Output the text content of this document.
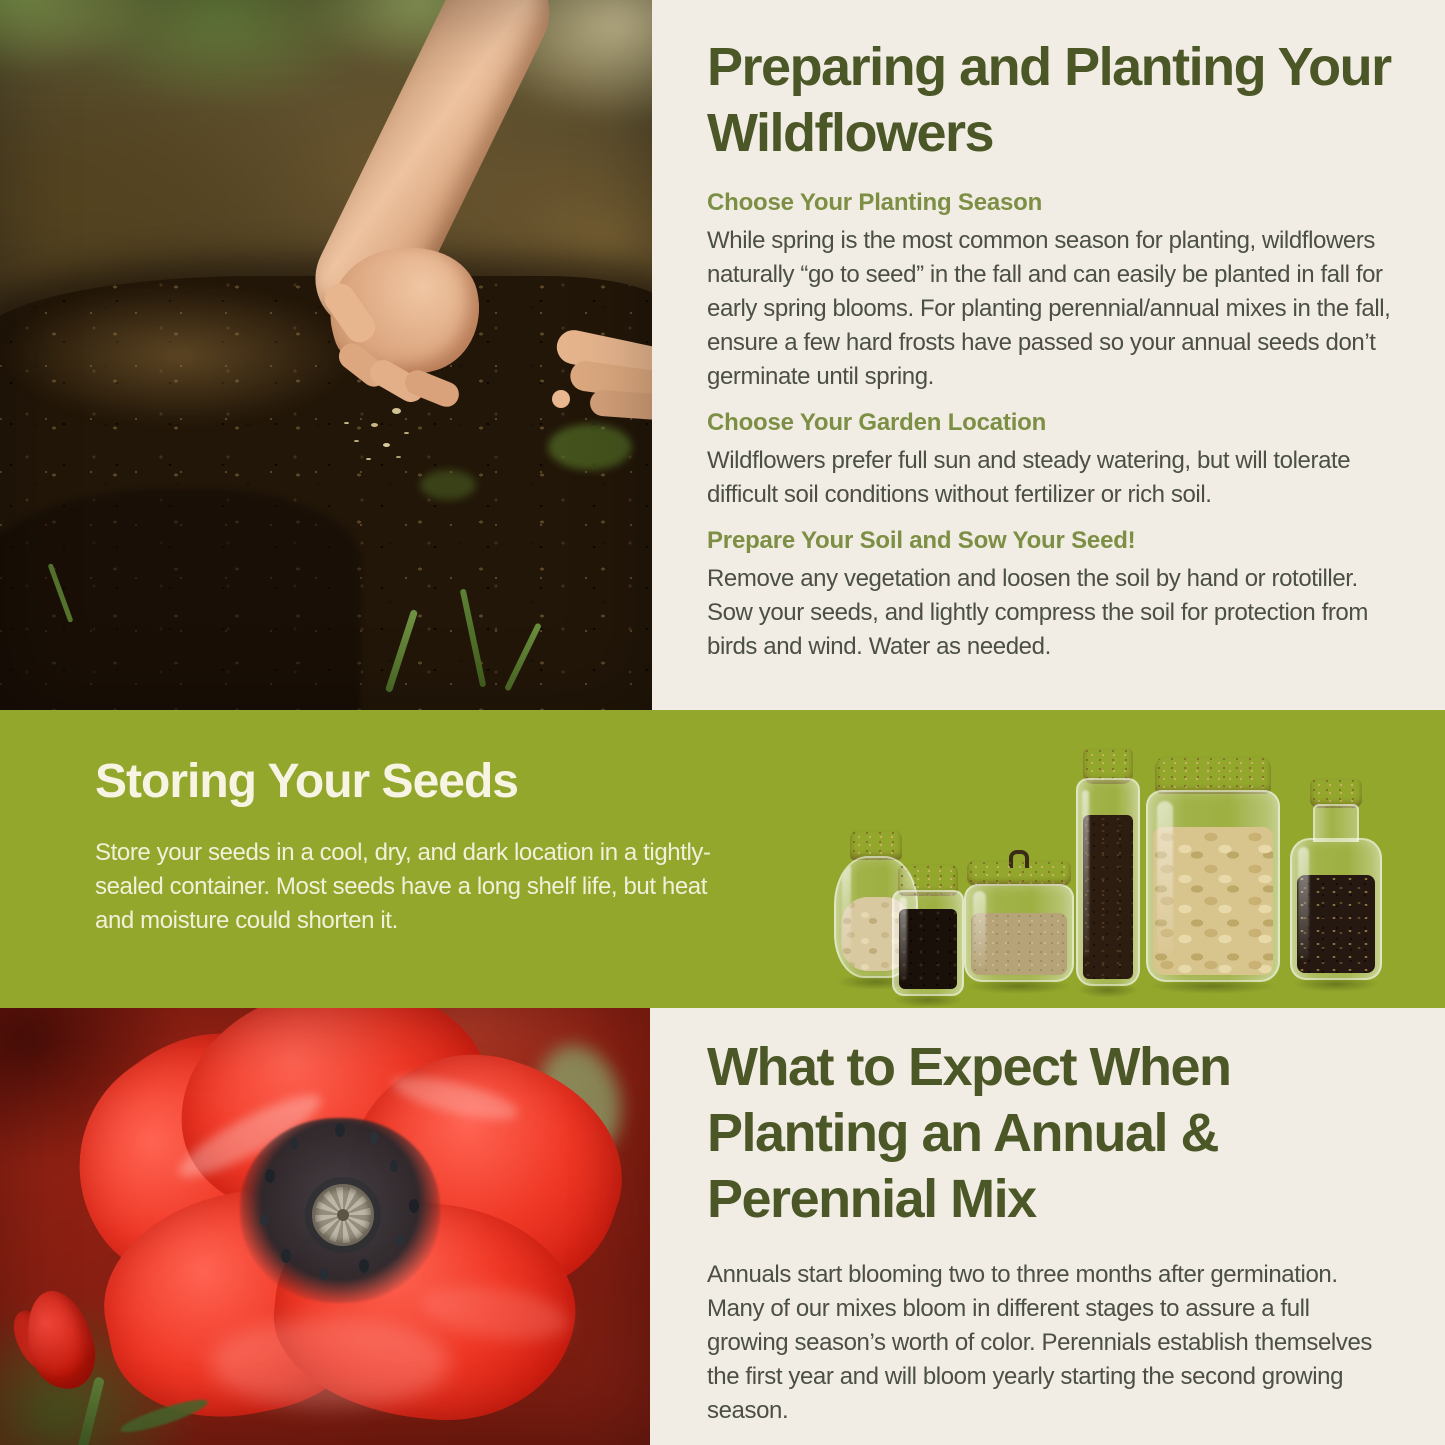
Preparing and Planting Your Wildflowers
Choose Your Planting Season

While spring is the most common season for planting, wildflowers naturally “go to seed” in the fall and can easily be planted in fall for early spring blooms. For planting perennial/annual mixes in the fall, ensure a few hard frosts have passed so your annual seeds don’t germinate until spring.

Choose Your Garden Location

Wildflowers prefer full sun and steady watering, but will tolerate difficult soil conditions without fertilizer or rich soil.

Prepare Your Soil and Sow Your Seed!

Remove any vegetation and loosen the soil by hand or rototiller. Sow your seeds, and lightly compress the soil for protection from birds and wind. Water as needed.

Storing Your Seeds

Store your seeds in a cool, dry, and dark location in a tightly-sealed container. Most seeds have a long shelf life, but heat and moisture could shorten it.

What to Expect When Planting an Annual & Perennial Mix

Annuals start blooming two to three months after germination. Many of our mixes bloom in different stages to assure a full growing season’s worth of color. Perennials establish themselves the first year and will bloom yearly starting the second growing season.
